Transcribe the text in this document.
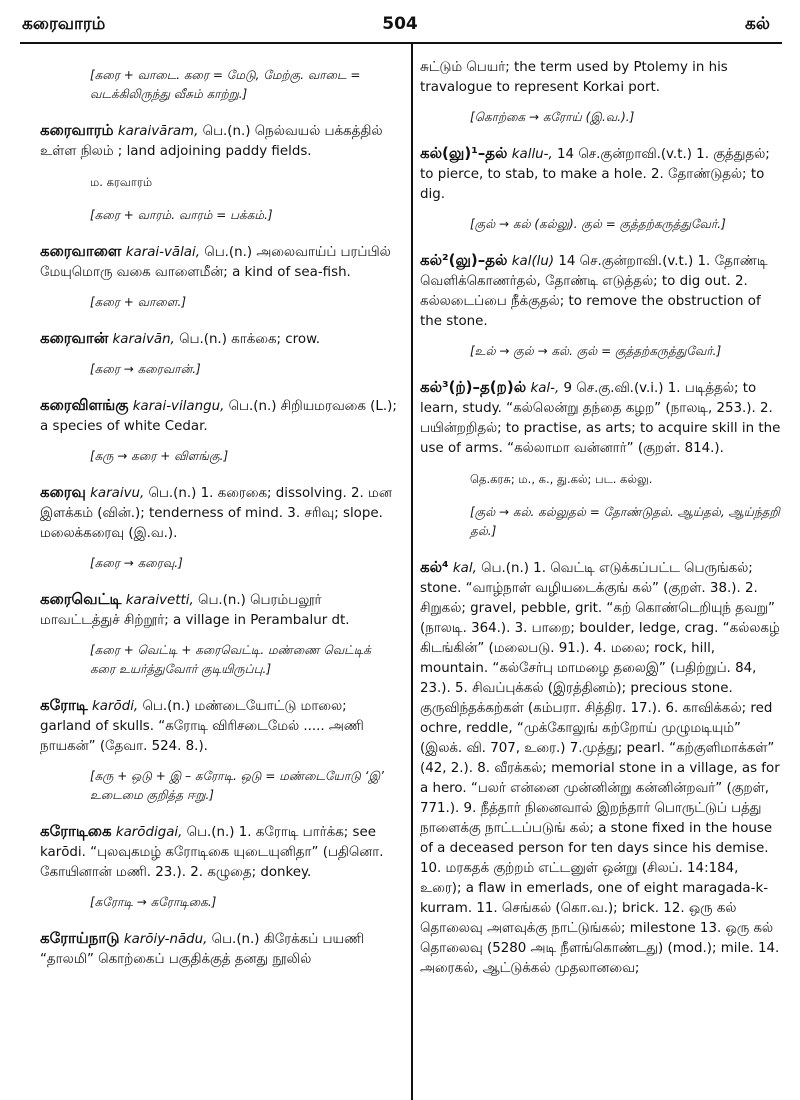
கரைவாரம்	504	கல்
[கரை + வாடை. கரை = மேடு, மேற்கு. வாடை = வடக்கிலிருந்து வீசும் காற்று.]
கரைவாரம் karaivāram, பெ.(n.) நெல்வயல் பக்கத்தில் உள்ள நிலம் ; land adjoining paddy fields.
ம. கரவாரம்
[கரை + வாரம். வாரம் = பக்கம்.]
கரைவாளை karai-vālai, பெ.(n.) அலைவாய்ப் பரப்பில் மேயுமொரு வகை வாளைமீன்; a kind of sea-fish.
[கரை + வாளை.]
கரைவான் karaivān, பெ.(n.) காக்கை; crow.
[கரை → கரைவான்.]
கரைவிளங்கு karai-vilangu, பெ.(n.) சிறியமரவகை (L.); a species of white Cedar.
[கரு → கரை + விளங்கு.]
கரைவு karaivu, பெ.(n.) 1. கரைகை; dissolving. 2. மன இளக்கம் (வின்.); tenderness of mind. 3. சரிவு; slope. மலைக்கரைவு (இ.வ.).
[கரை → கரைவு.]
கரைவெட்டி karaivetti, பெ.(n.) பெரம்பலூர் மாவட்டத்துச் சிற்றூர்; a village in Perambalur dt.
[கரை + வெட்டி + கரைவெட்டி. மண்ணை வெட்டிக் கரை உயர்த்துவோர் குடியிருப்பு.]
கரோடி karōdi, பெ.(n.) மண்டையோட்டு மாலை; garland of skulls. “கரோடி விரிசடைமேல் ..... அணி நாயகன்” (தேவா. 524. 8.).
[கரு + ஒடு + இ – கரோடி. ஒடு = மண்டையோடு ‘இ’ உடைமை குறித்த ஈறு.]
கரோடிகை karōdigai, பெ.(n.) 1. கரோடி பார்க்க; see karōdi. “புலவுகமழ் கரோடிகை யுடையுனிதா” (பதினொ. கோயினான் மணி. 23.). 2. கழுதை; donkey.
[கரோடி → கரோடிகை.]
கரோய்நாடு karōiy-nādu, பெ.(n.) கிரேக்கப் பயணி “தாலமி” கொற்கைப் பகுதிக்குத் தனது நூலில்
சுட்டும் பெயர்; the term used by Ptolemy in his travalogue to represent Korkai port.
[கொற்கை → கரோய் (இ.வ.).]
கல்(லு)¹–தல் kallu-, 14 செ.குன்றாவி.(v.t.) 1. குத்துதல்; to pierce, to stab, to make a hole. 2. தோண்டுதல்; to dig.
[குல் → கல் (கல்லு). குல் = குத்தற்கருத்துவேர்.]
கல்²(லு)–தல் kal(lu) 14 செ.குன்றாவி.(v.t.) 1. தோண்டி வெளிக்கொணர்தல், தோண்டி எடுத்தல்; to dig out. 2. கல்லடைப்பை நீக்குதல்; to remove the obstruction of the stone.
[உல் → குல் → கல். குல் = குத்தற்கருத்துவேர்.]
கல்³(ற்)–த(ற)ல் kal-, 9 செ.கு.வி.(v.i.) 1. படித்தல்; to learn, study. “கல்லென்று தந்தை கழற” (நாலடி, 253.). 2. பயின்றறிதல்; to practise, as arts; to acquire skill in the use of arms. “கல்லாமா வன்னார்” (குறள். 814.).
தெ.கரசு; ம., க., து.கல்; பட. கல்லு.
[குல் → கல். கல்லுதல் = தோண்டுதல். ஆய்தல், ஆய்ந்தறி தல்.]
கல்⁴ kal, பெ.(n.) 1. வெட்டி எடுக்கப்பட்ட பெருங்கல்; stone. “வாழ்நாள் வழியடைக்குங் கல்” (குறள். 38.). 2. சிறுகல்; gravel, pebble, grit. “கற் கொண்டெறியுந் தவறு” (நாலடி. 364.). 3. பாறை; boulder, ledge, crag. “கல்லகழ் கிடங்கின்” (மலைபடு. 91.). 4. மலை; rock, hill, mountain. “கல்சேர்பு மாமழை தலைஇ” (பதிற்றுப். 84, 23.). 5. சிவப்புக்கல் (இரத்தினம்); precious stone. குருவிந்தக்கற்கள் (கம்பரா. சித்திர. 17.). 6. காவிக்கல்; red ochre, reddle, “முக்கோலுங் கற்றோய் முழுமடியும்” (இலக். வி. 707, உரை.) 7.முத்து; pearl. “கற்குளிமாக்கள்” (42, 2.). 8. வீரக்கல்; memorial stone in a village, as for a hero. “பலர் என்னை முன்னின்று கன்னின்றவர்” (குறள், 771.). 9. நீத்தார் நினைவால் இறந்தார் பொருட்டுப் பத்து நாளைக்கு நாட்டப்படுங் கல்; a stone fixed in the house of a deceased person for ten days since his demise. 10. மரகதக் குற்றம் எட்டனுள் ஒன்று (சிலப். 14:184, உரை); a flaw in emerlads, one of eight maragada-k-kurram. 11. செங்கல் (கொ.வ.); brick. 12. ஒரு கல் தொலைவு அளவுக்கு நாட்டுங்கல்; milestone 13. ஒரு கல் தொலைவு (5280 அடி நீளங்கொண்டது) (mod.); mile. 14. அரைகல், ஆட்டுக்கல் முதலானவை;
